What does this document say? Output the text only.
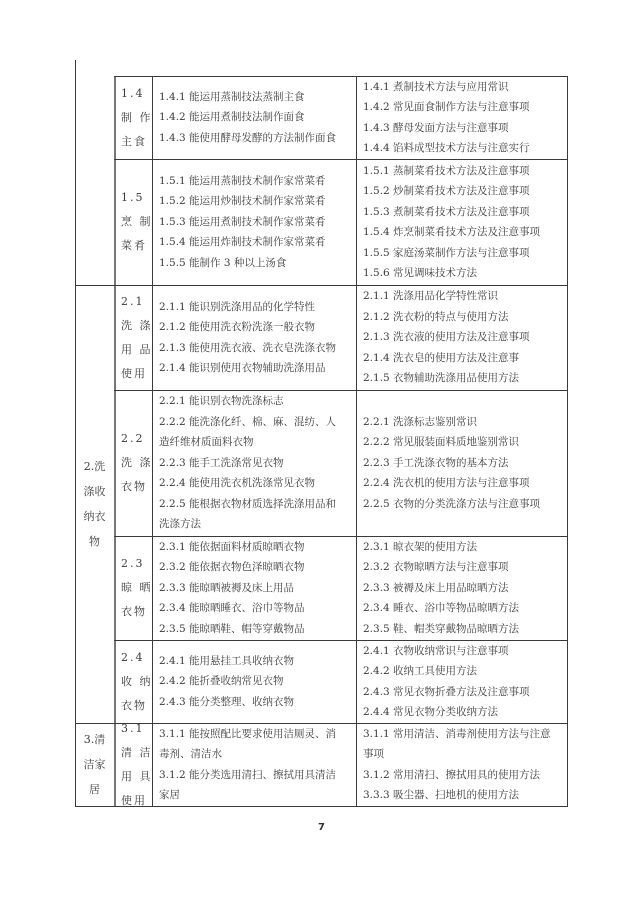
2.洗
涤收
纳衣
物
3.清
洁家
居
1.4
制 作
主食
1.4.1 能运用蒸制技法蒸制主食
1.4.2 能运用煮制技法制作面食
1.4.3 能使用酵母发酵的方法制作面食
1.4.1 煮制技术方法与应用常识
1.4.2 常见面食制作方法与注意事项
1.4.3 酵母发面方法与注意事项
1.4.4 馅料成型技术方法与注意实行
1.5
烹 制
菜肴
1.5.1 能运用蒸制技术制作家常菜肴
1.5.2 能运用炒制技术制作家常菜肴
1.5.3 能运用煮制技术制作家常菜肴
1.5.4 能运用炸制技术制作家常菜肴
1.5.5 能制作 3 种以上汤食
1.5.1 蒸制菜肴技术方法及注意事项
1.5.2 炒制菜肴技术方法及注意事项
1.5.3 煮制菜肴技术方法及注意事项
1.5.4 炸烹制菜肴技术方法及注意事项
1.5.5 家庭汤菜制作方法与注意事项
1.5.6 常见调味技术方法
2.1
洗 涤
用 品
使用
2.1.1 能识别洗涤用品的化学特性
2.1.2 能使用洗衣粉洗涤一般衣物
2.1.3 能使用洗衣液、洗衣皂洗涤衣物
2.1.4 能识别使用衣物辅助洗涤用品
2.1.1 洗涤用品化学特性常识
2.1.2 洗衣粉的特点与使用方法
2.1.3 洗衣液的使用方法及注意事项
2.1.4 洗衣皂的使用方法及注意事
2.1.5 衣物辅助洗涤用品使用方法
2.2
洗 涤
衣物
2.2.1 能识别衣物洗涤标志
2.2.2 能洗涤化纤、棉、麻、混纺、人
造纤维材质面料衣物
2.2.3 能手工洗涤常见衣物
2.2.4 能使用洗衣机洗涤常见衣物
2.2.5 能根据衣物材质选择洗涤用品和
洗涤方法
2.2.1 洗涤标志鉴别常识
2.2.2 常见服装面料质地鉴别常识
2.2.3 手工洗涤衣物的基本方法
2.2.4 洗衣机的使用方法与注意事项
2.2.5 衣物的分类洗涤方法与注意事项
2.3
晾 晒
衣物
2.3.1 能依据面料材质晾晒衣物
2.3.2 能依据衣物色泽晾晒衣物
2.3.3 能晾晒被褥及床上用品
2.3.4 能晾晒睡衣、浴巾等物品
2.3.5 能晾晒鞋、帽等穿戴物品
2.3.1 晾衣架的使用方法
2.3.2 衣物晾晒方法与注意事项
2.3.3 被褥及床上用品晾晒方法
2.3.4 睡衣、浴巾等物品晾晒方法
2.3.5 鞋、帽类穿戴物品晾晒方法
2.4
收 纳
衣物
2.4.1 能用悬挂工具收纳衣物
2.4.2 能折叠收纳常见衣物
2.4.3 能分类整理、收纳衣物
2.4.1 衣物收纳常识与注意事项
2.4.2 收纳工具使用方法
2.4.3 常见衣物折叠方法及注意事项
2.4.4 常见衣物分类收纳方法
3.1
清 洁
用 具
使用
3.1.1 能按照配比要求使用洁厕灵、消
毒剂、清洁水
3.1.2 能分类选用清扫、擦拭用具清洁
家居
3.1.1 常用清洁、消毒剂使用方法与注意
事项
3.1.2 常用清扫、擦拭用具的使用方法
3.3.3 吸尘器、扫地机的使用方法
7
